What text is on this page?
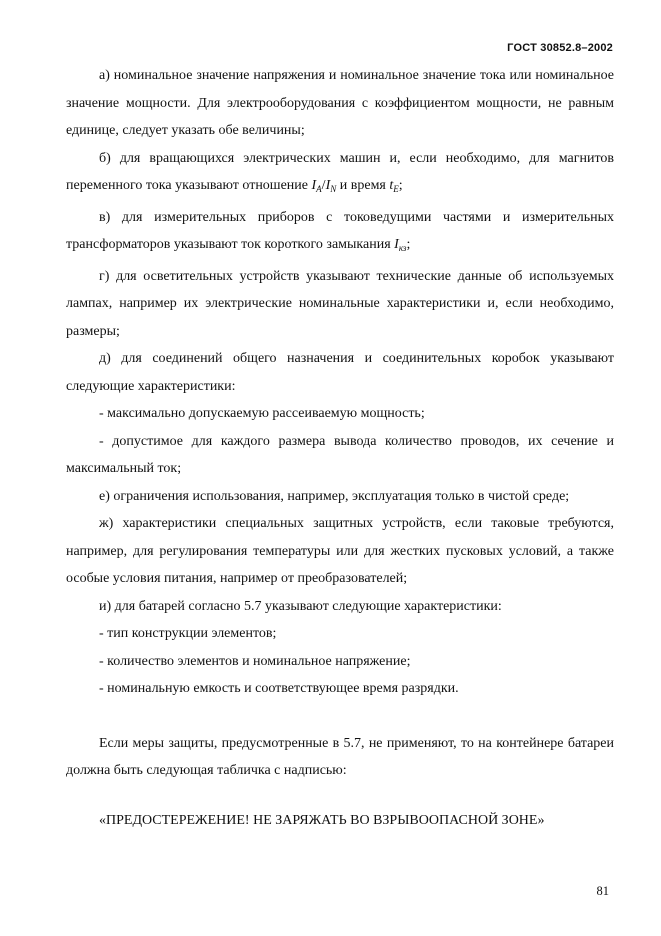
ГОСТ 30852.8–2002

а) номинальное значение напряжения и номинальное значение тока или номинальное значение мощности. Для электрооборудования с коэффициентом мощности, не равным единице, следует указать обе величины;

б) для вращающихся электрических машин и, если необходимо, для магнитов переменного тока указывают отношение $I_A/I_N$ и время $t_E$;

в) для измерительных приборов с токоведущими частями и измерительных трансформаторов указывают ток короткого замыкания $I_{кз}$;

г) для осветительных устройств указывают технические данные об используемых лампах, например их электрические номинальные характеристики и, если необходимо, размеры;

д) для соединений общего назначения и соединительных коробок указывают следующие характеристики:

- максимально допускаемую рассеиваемую мощность;

- допустимое для каждого размера вывода количество проводов, их сечение и максимальный ток;

е) ограничения использования, например, эксплуатация только в чистой среде;

ж) характеристики специальных защитных устройств, если таковые требуются, например, для регулирования температуры или для жестких пусковых условий, а также особые условия питания, например от преобразователей;

и) для батарей согласно 5.7 указывают следующие характеристики:

- тип конструкции элементов;

- количество элементов и номинальное напряжение;

- номинальную емкость и соответствующее время разрядки.

Если меры защиты, предусмотренные в 5.7, не применяют, то на контейнере батареи должна быть следующая табличка с надписью:

«ПРЕДОСТЕРЕЖЕНИЕ! НЕ ЗАРЯЖАТЬ ВО ВЗРЫВООПАСНОЙ ЗОНЕ»

81
